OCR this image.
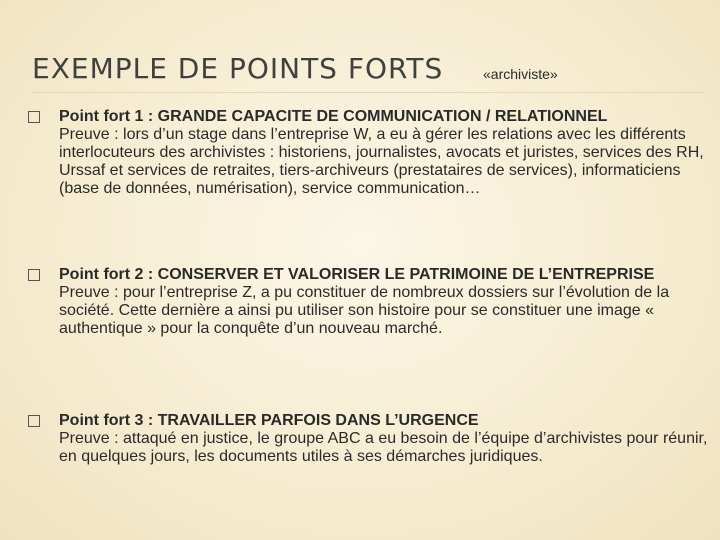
EXEMPLE DE POINTS FORTS	«archiviste»
Point fort 1 : GRANDE CAPACITE DE COMMUNICATION / RELATIONNEL
Preuve : lors d’un stage dans l’entreprise W, a eu à gérer les relations avec les différents interlocuteurs des archivistes : historiens, journalistes, avocats et juristes, services des RH, Urssaf et services de retraites, tiers-archiveurs (prestataires de services), informaticiens (base de données, numérisation), service communication…
Point fort 2 : CONSERVER ET VALORISER LE PATRIMOINE DE L’ENTREPRISE
Preuve : pour l’entreprise Z, a pu constituer de nombreux dossiers sur l’évolution de la société. Cette dernière a ainsi pu utiliser son histoire pour se constituer une image « authentique » pour la conquête d’un nouveau marché.
Point fort 3 : TRAVAILLER PARFOIS DANS L’URGENCE
Preuve : attaqué en justice, le groupe ABC a eu besoin de l’équipe d’archivistes pour réunir, en quelques jours, les documents utiles à ses démarches juridiques.
